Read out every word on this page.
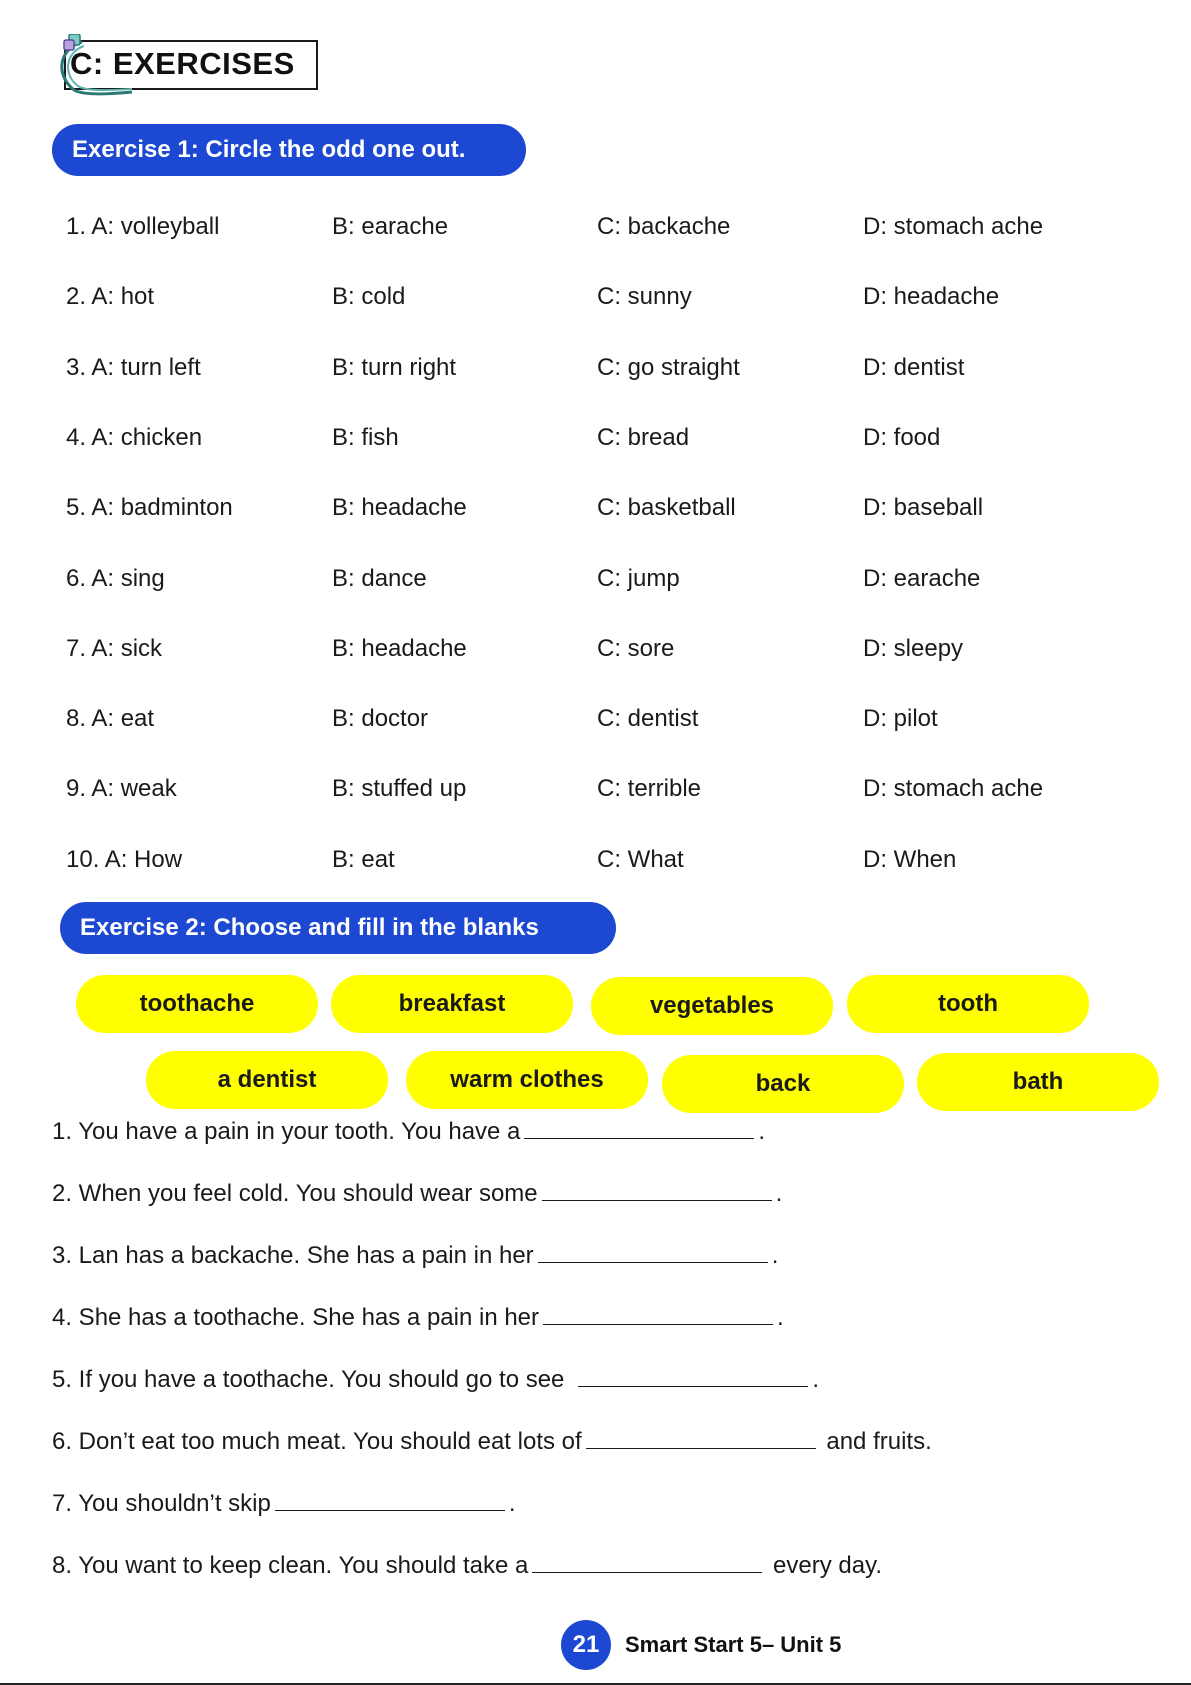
C: EXERCISES
Exercise 1: Circle the odd one out.
1. A: volleyball	B: earache	C: backache	D: stomach ache
2. A: hot	B: cold	C: sunny	D: headache
3. A: turn left	B: turn right	C: go straight	D: dentist
4. A: chicken	B: fish	C: bread	D: food
5. A: badminton	B: headache	C: basketball	D: baseball
6. A: sing	B: dance	C: jump	D: earache
7. A: sick	B: headache	C: sore	D: sleepy
8. A: eat	B: doctor	C: dentist	D: pilot
9. A: weak	B: stuffed up	C: terrible	D: stomach ache
10. A: How	B: eat	C: What	D: When
Exercise 2: Choose and fill in the blanks
toothache	breakfast	vegetables	tooth
a dentist	warm clothes	back	bath
1. You have a pain in your tooth. You have a	.
2. When you feel cold. You should wear some	.
3. Lan has a backache. She has a pain in her	.
4. She has a toothache. She has a pain in her	.
5. If you have a toothache. You should go to see	.
6. Don’t eat too much meat. You should eat lots of	and fruits.
7. You shouldn’t skip	.
8. You want to keep clean. You should take a	every day.
21	Smart Start 5– Unit 5
